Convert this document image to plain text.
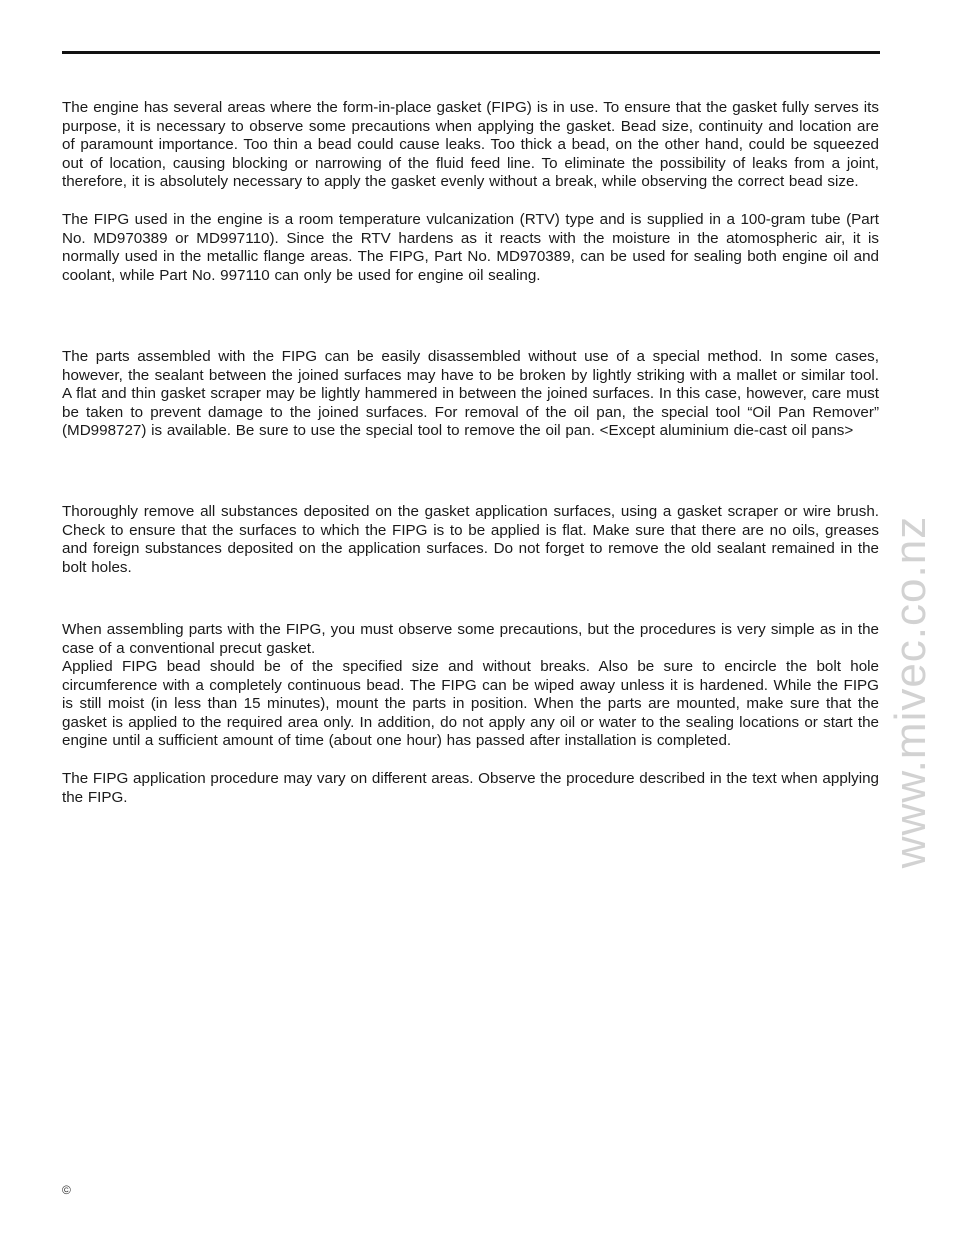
The engine has several areas where the form-in-place gasket (FIPG) is in use. To ensure that the gasket fully serves its purpose, it is necessary to observe some precautions when applying the gasket. Bead size, continuity and location are of paramount importance. Too thin a bead could cause leaks. Too thick a bead, on the other hand, could be squeezed out of location, causing blocking or narrowing of the fluid feed line. To eliminate the possibility of leaks from a joint, therefore, it is absolutely necessary to apply the gasket evenly without a break, while observing the correct bead size.

The FIPG used in the engine is a room temperature vulcanization (RTV) type and is supplied in a 100-gram tube (Part No. MD970389 or MD997110). Since the RTV hardens as it reacts with the moisture in the atomospheric air, it is normally used in the metallic flange areas. The FIPG, Part No. MD970389, can be used for sealing both engine oil and coolant, while Part No. 997110 can only be used for engine oil sealing.

The parts assembled with the FIPG can be easily disassembled without use of a special method. In some cases, however, the sealant between the joined surfaces may have to be broken by lightly striking with a mallet or similar tool. A flat and thin gasket scraper may be lightly hammered in between the joined surfaces. In this case, however, care must be taken to prevent damage to the joined surfaces. For removal of the oil pan, the special tool “Oil Pan Remover” (MD998727) is available. Be sure to use the special tool to remove the oil pan. <Except aluminium die-cast oil pans>

Thoroughly remove all substances deposited on the gasket application surfaces, using a gasket scraper or wire brush. Check to ensure that the surfaces to which the FIPG is to be applied is flat. Make sure that there are no oils, greases and foreign substances deposited on the application surfaces. Do not forget to remove the old sealant remained in the bolt holes.

When assembling parts with the FIPG, you must observe some precautions, but the procedures is very simple as in the case of a conventional precut gasket.

Applied FIPG bead should be of the specified size and without breaks. Also be sure to encircle the bolt hole circumference with a completely continuous bead. The FIPG can be wiped away unless it is hardened. While the FIPG is still moist (in less than 15 minutes), mount the parts in position. When the parts are mounted, make sure that the gasket is applied to the required area only. In addition, do not apply any oil or water to the sealing locations or start the engine until a sufficient amount of time (about one hour) has passed after installation is completed.

The FIPG application procedure may vary on different areas. Observe the procedure described in the text when applying the FIPG.	www.mivec.co.nz
©
